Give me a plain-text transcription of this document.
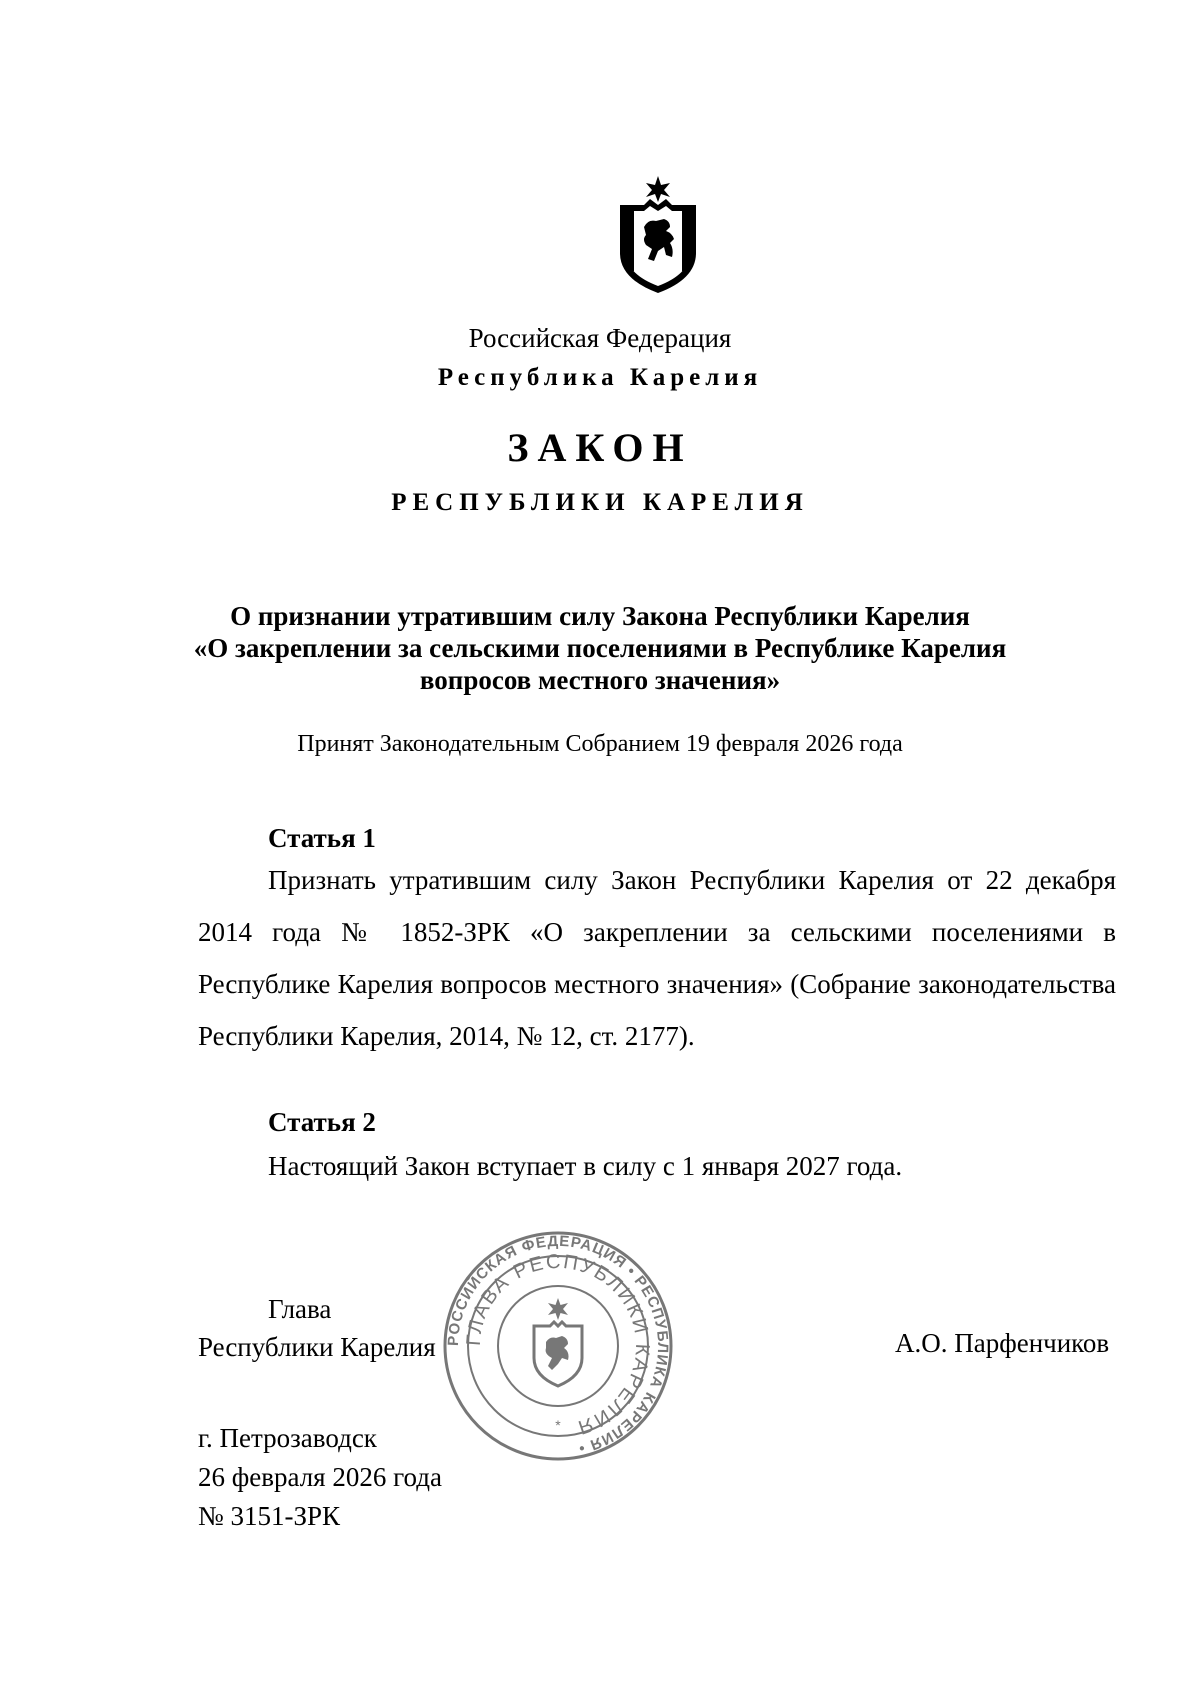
Российская Федерация
Республика Карелия
ЗАКОН
РЕСПУБЛИКИ КАРЕЛИЯ
О признании утратившим силу Закона Республики Карелия
«О закреплении за сельскими поселениями в Республике Карелия
вопросов местного значения»
Принят Законодательным Собранием 19 февраля 2026 года
Статья 1
Признать утратившим силу Закон Республики Карелия от 22 декабря 2014 года № 1852-ЗРК «О закреплении за сельскими поселениями в Республике Карелия вопросов местного значения» (Собрание законодательства Республики Карелия, 2014, № 12, ст. 2177).
Статья 2
Настоящий Закон вступает в силу с 1 января 2027 года.
Глава
Республики Карелия РОССИЙСКАЯ ФЕДЕРАЦИЯ • РЕСПУБЛИКА КАРЕЛИЯ •
ГЛАВА РЕСПУБЛИКИ КАРЕЛИЯ
*
А.О. Парфенчиков
г. Петрозаводск
26 февраля 2026 года
№ 3151-ЗРК
